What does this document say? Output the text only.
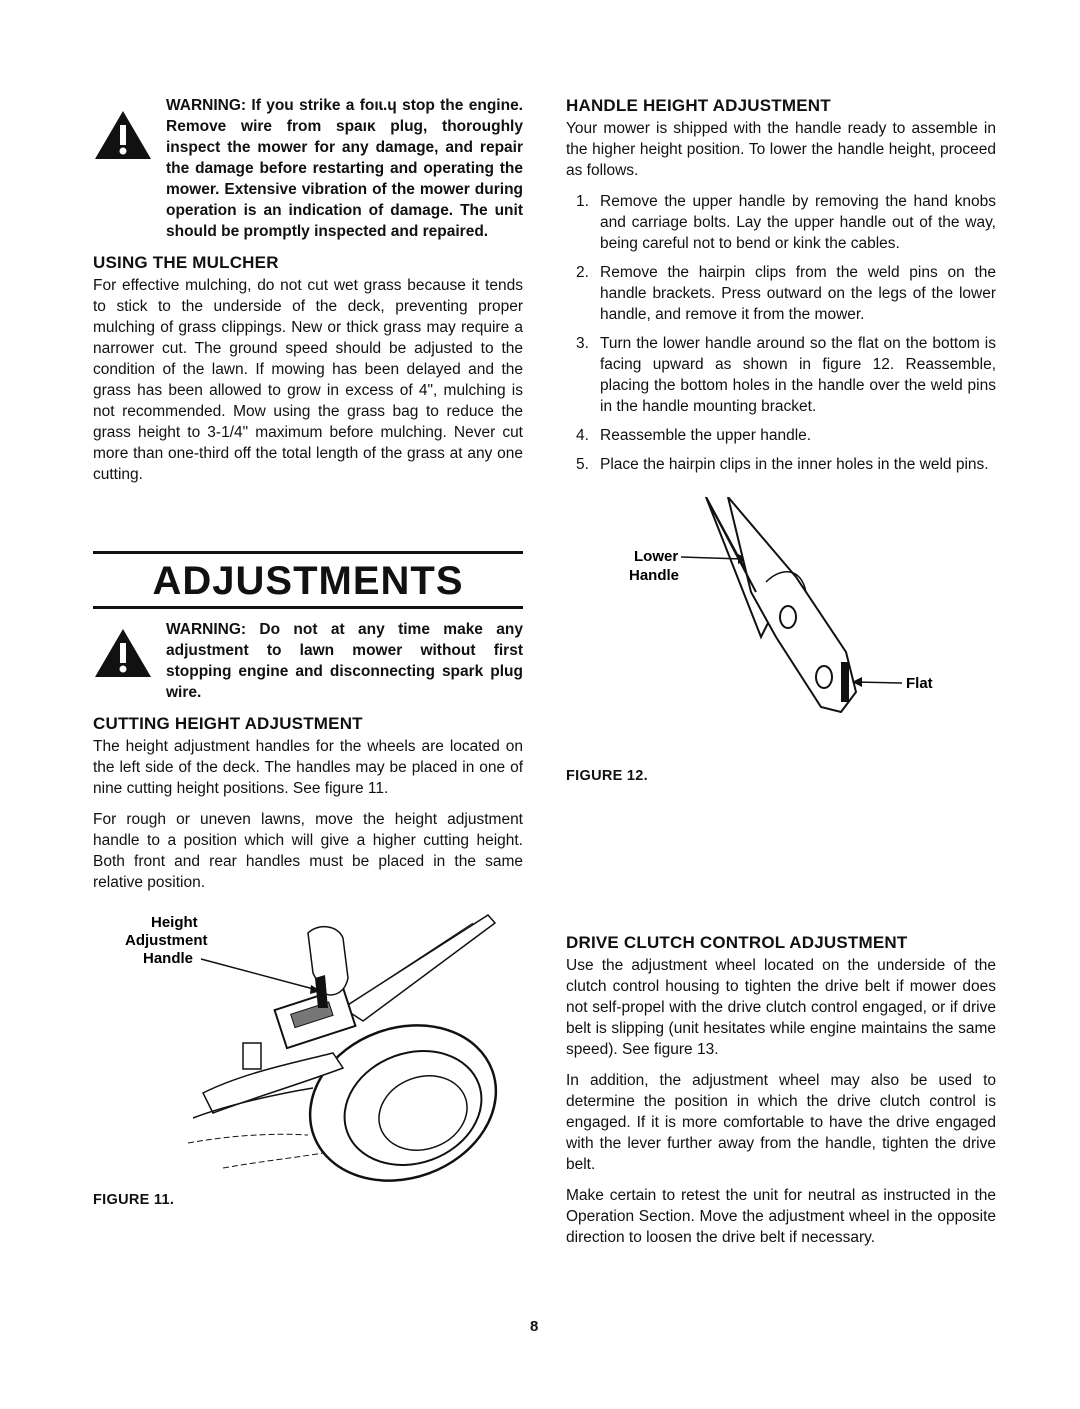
WARNING: If you strike a foıɩ.ɥ stop the engine. Remove wire from spaıĸ plug, thoroughly inspect the mower for any damage, and repair the damage before restarting and operating the mower. Extensive vibration of the mower during operation is an indication of damage. The unit should be promptly inspected and repaired.
USING THE MULCHER

For effective mulching, do not cut wet grass because it tends to stick to the underside of the deck, preventing proper mulching of grass clippings. New or thick grass may require a narrower cut. The ground speed should be adjusted to the condition of the lawn. If mowing has been delayed and the grass has been allowed to grow in excess of 4", mulching is not recommended. Mow using the grass bag to reduce the grass height to 3-1/4" maximum before mulching. Never cut more than one-third off the total length of the grass at any one cutting.

ADJUSTMENTS
WARNING: Do not at any time make any adjustment to lawn mower without first stopping engine and disconnecting spark plug wire.
CUTTING HEIGHT ADJUSTMENT

The height adjustment handles for the wheels are located on the left side of the deck. The handles may be placed in one of nine cutting height positions. See figure 11.

For rough or uneven lawns, move the height adjustment handle to a position which will give a higher cutting height. Both front and rear handles must be placed in the same relative position.

Height
Adjustment
Handle
FIGURE 11.
HANDLE HEIGHT ADJUSTMENT

Your mower is shipped with the handle ready to assemble in the higher height position. To lower the handle height, proceed as follows.

1. Remove the upper handle by removing the hand knobs and carriage bolts. Lay the upper handle out of the way, being careful not to bend or kink the cables.
2. Remove the hairpin clips from the weld pins on the handle brackets. Press outward on the legs of the lower handle, and remove it from the mower.
3. Turn the lower handle around so the flat on the bottom is facing upward as shown in figure 12. Reassemble, placing the bottom holes in the handle over the weld pins in the handle mounting bracket.
4. Reassemble the upper handle.
5. Place the hairpin clips in the inner holes in the weld pins.
Lower
Handle
Flat
FIGURE 12.
DRIVE CLUTCH CONTROL ADJUSTMENT

Use the adjustment wheel located on the underside of the clutch control housing to tighten the drive belt if mower does not self-propel with the drive clutch control engaged, or if drive belt is slipping (unit hesitates while engine maintains the same speed). See figure 13.

In addition, the adjustment wheel may also be used to determine the position in which the drive clutch control is engaged. If it is more comfortable to have the drive engaged with the lever further away from the handle, tighten the drive belt.

Make certain to retest the unit for neutral as instructed in the Operation Section. Move the adjustment wheel in the opposite direction to loosen the drive belt if necessary.

8
